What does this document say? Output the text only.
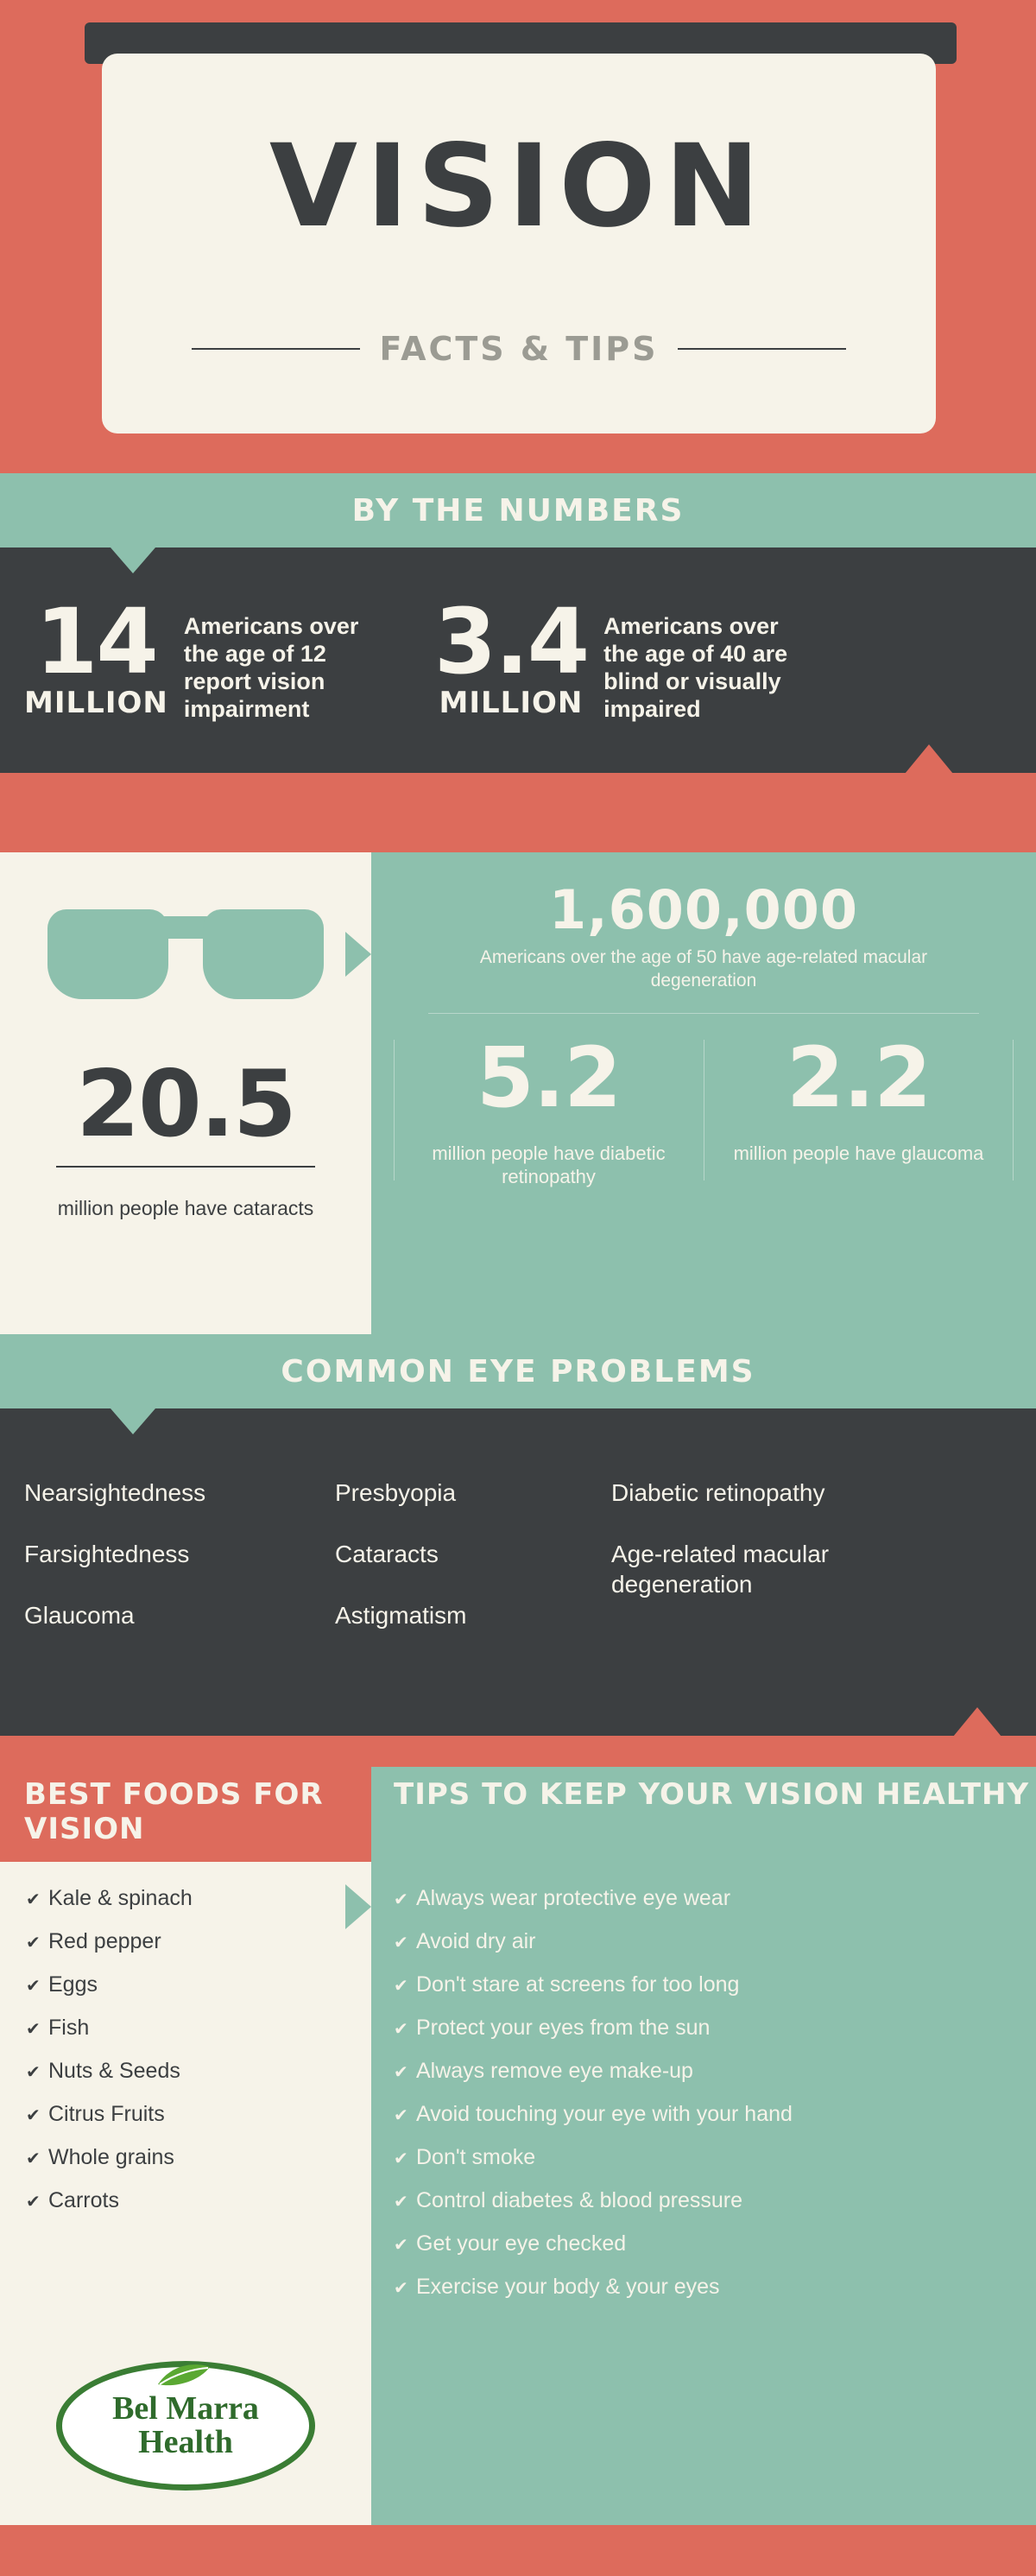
VISION
FACTS & TIPS
BY THE NUMBERS
14
MILLION
Americans over the age of 12 report vision impairment
3.4
MILLION
Americans over the age of 40 are blind or visually impaired
20.5
million people have cataracts
1,600,000
Americans over the age of 50 have age-related macular degeneration
5.2
million people have diabetic retinopathy
2.2
million people have glaucoma
COMMON EYE PROBLEMS
Nearsightedness
Farsightedness
Glaucoma
Presbyopia
Cataracts
Astigmatism
Diabetic retinopathy
Age-related macular degeneration
BEST FOODS FOR VISION
TIPS TO KEEP YOUR VISION HEALTHY
✔ Kale & spinach
✔ Red pepper
✔ Eggs
✔ Fish
✔ Nuts & Seeds
✔ Citrus Fruits
✔ Whole grains
✔ Carrots
✔ Always wear protective eye wear
✔ Avoid dry air
✔ Don't stare at screens for too long
✔ Protect your eyes from the sun
✔ Always remove eye make-up
✔ Avoid touching your eye with your hand
✔ Don't smoke
✔ Control diabetes & blood pressure
✔ Get your eye checked
✔ Exercise your body & your eyes
Bel Marra
Health
